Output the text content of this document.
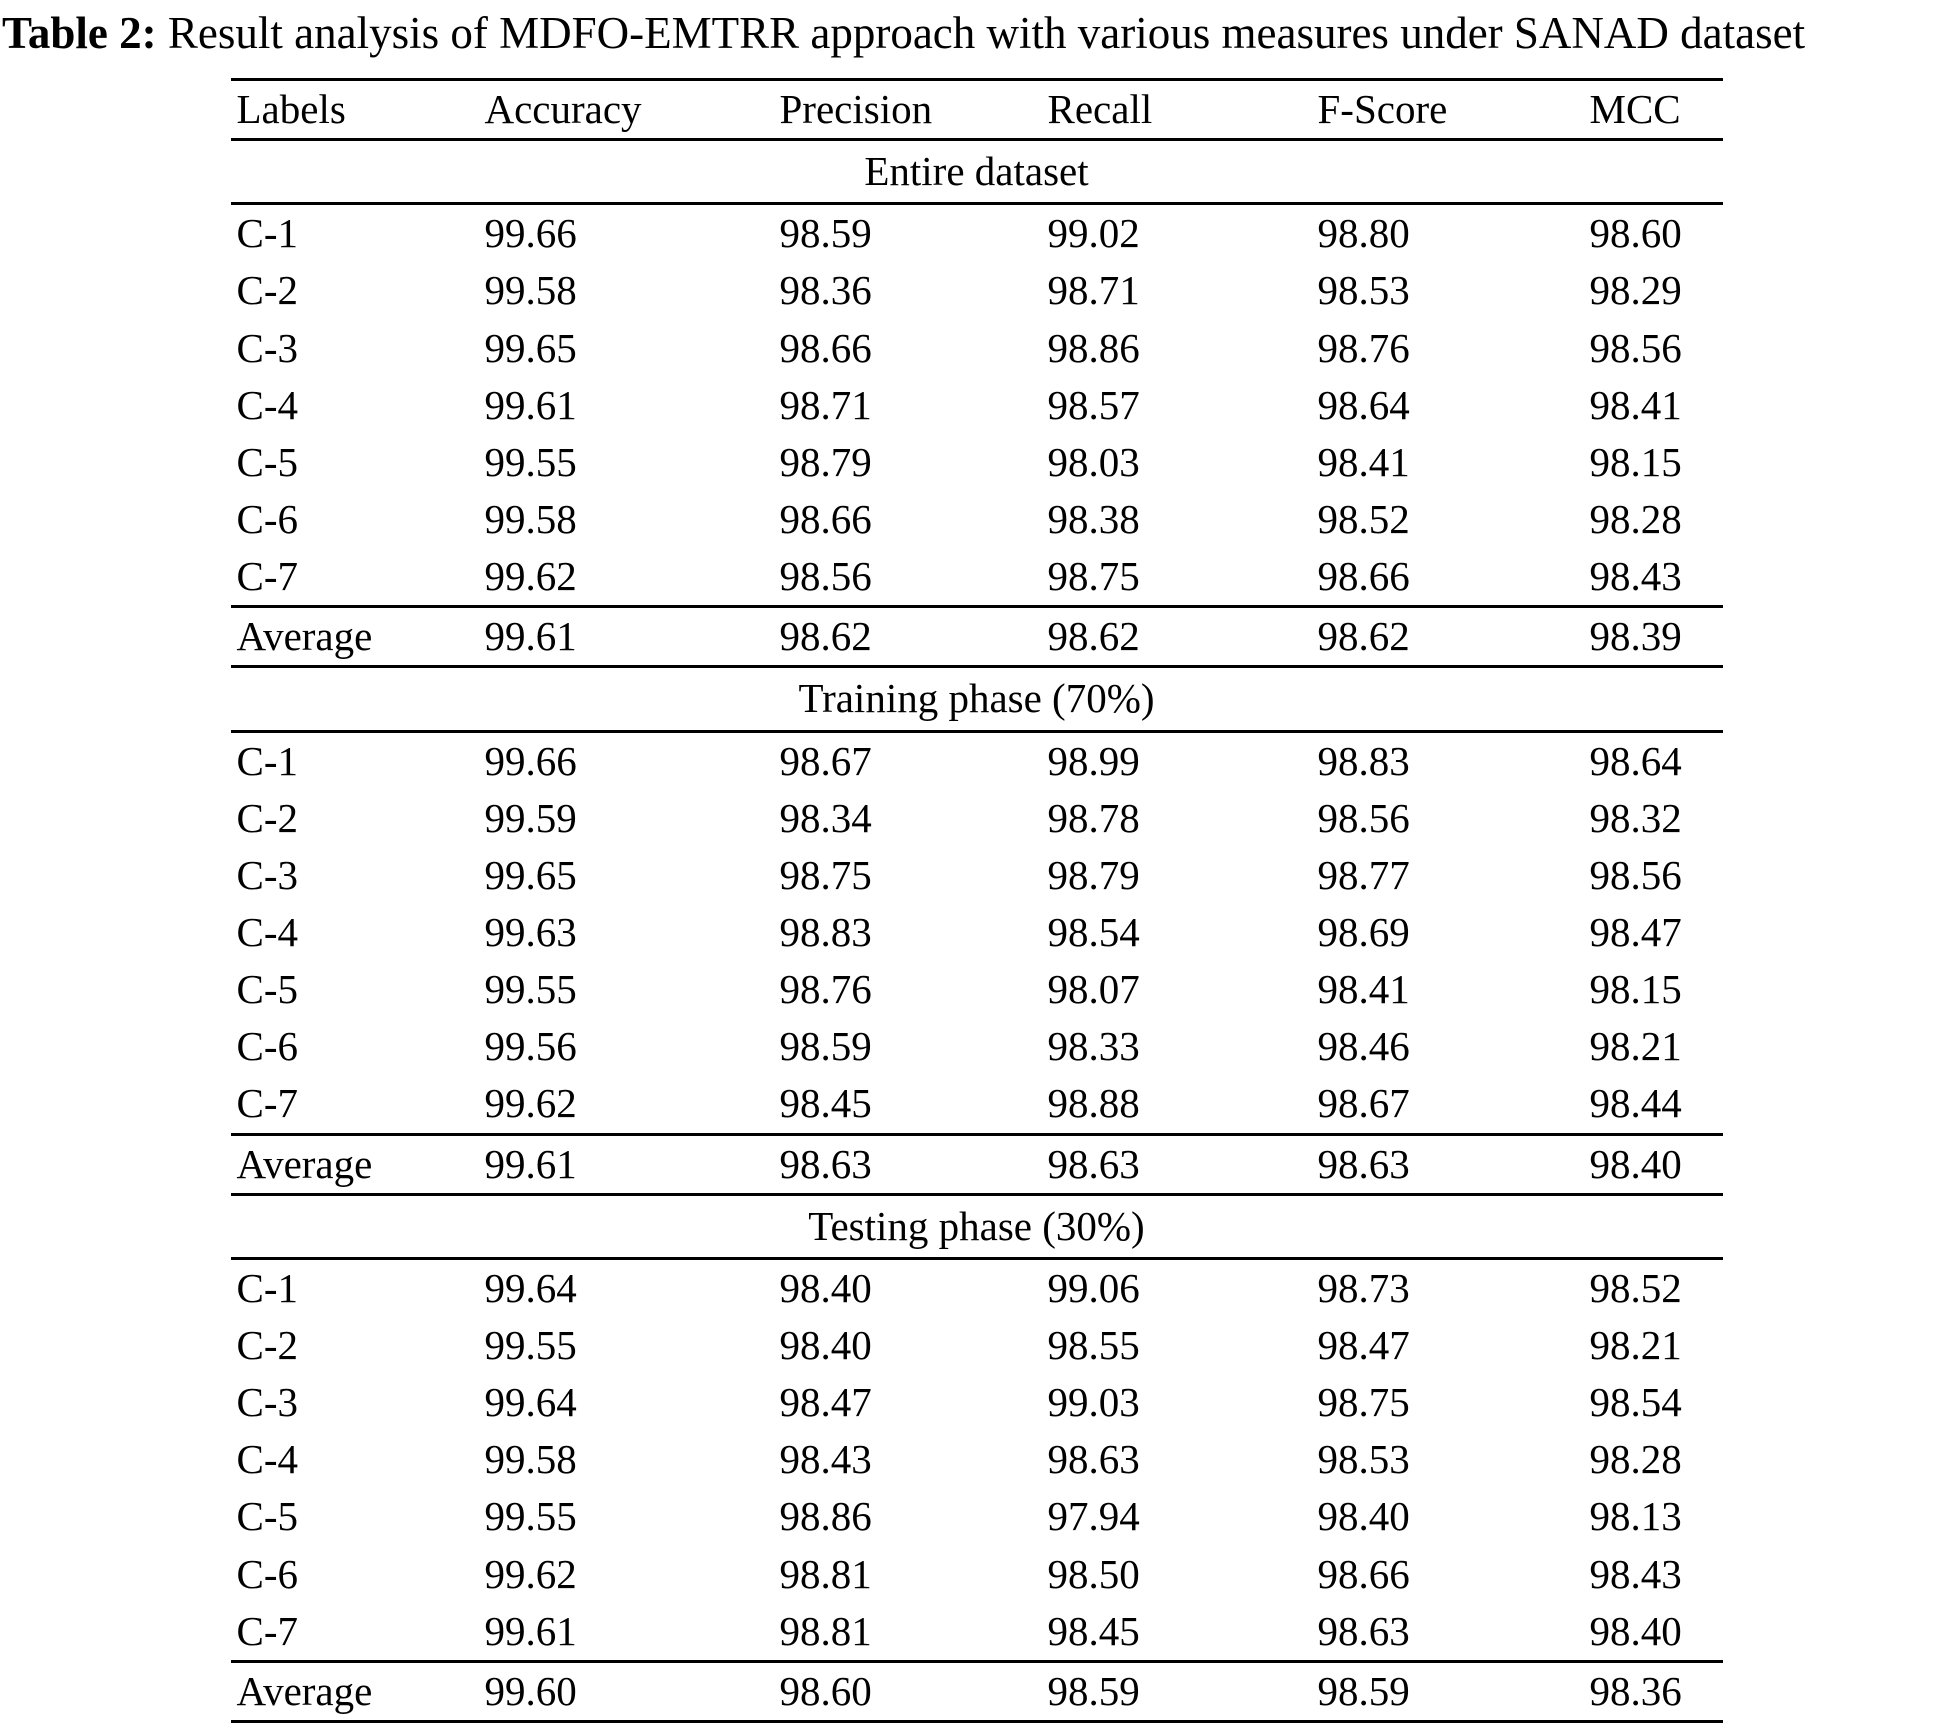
Table 2: Result analysis of MDFO-EMTRR approach with various measures under SANAD dataset
Labels	Accuracy	Precision	Recall	F-Score	MCC
Entire dataset					
C-1	99.66	98.59	99.02	98.80	98.60
C-2	99.58	98.36	98.71	98.53	98.29
C-3	99.65	98.66	98.86	98.76	98.56
C-4	99.61	98.71	98.57	98.64	98.41
C-5	99.55	98.79	98.03	98.41	98.15
C-6	99.58	98.66	98.38	98.52	98.28
C-7	99.62	98.56	98.75	98.66	98.43
Average	99.61	98.62	98.62	98.62	98.39
Training phase (70%)					
C-1	99.66	98.67	98.99	98.83	98.64
C-2	99.59	98.34	98.78	98.56	98.32
C-3	99.65	98.75	98.79	98.77	98.56
C-4	99.63	98.83	98.54	98.69	98.47
C-5	99.55	98.76	98.07	98.41	98.15
C-6	99.56	98.59	98.33	98.46	98.21
C-7	99.62	98.45	98.88	98.67	98.44
Average	99.61	98.63	98.63	98.63	98.40
Testing phase (30%)					
C-1	99.64	98.40	99.06	98.73	98.52
C-2	99.55	98.40	98.55	98.47	98.21
C-3	99.64	98.47	99.03	98.75	98.54
C-4	99.58	98.43	98.63	98.53	98.28
C-5	99.55	98.86	97.94	98.40	98.13
C-6	99.62	98.81	98.50	98.66	98.43
C-7	99.61	98.81	98.45	98.63	98.40
Average	99.60	98.60	98.59	98.59	98.36
